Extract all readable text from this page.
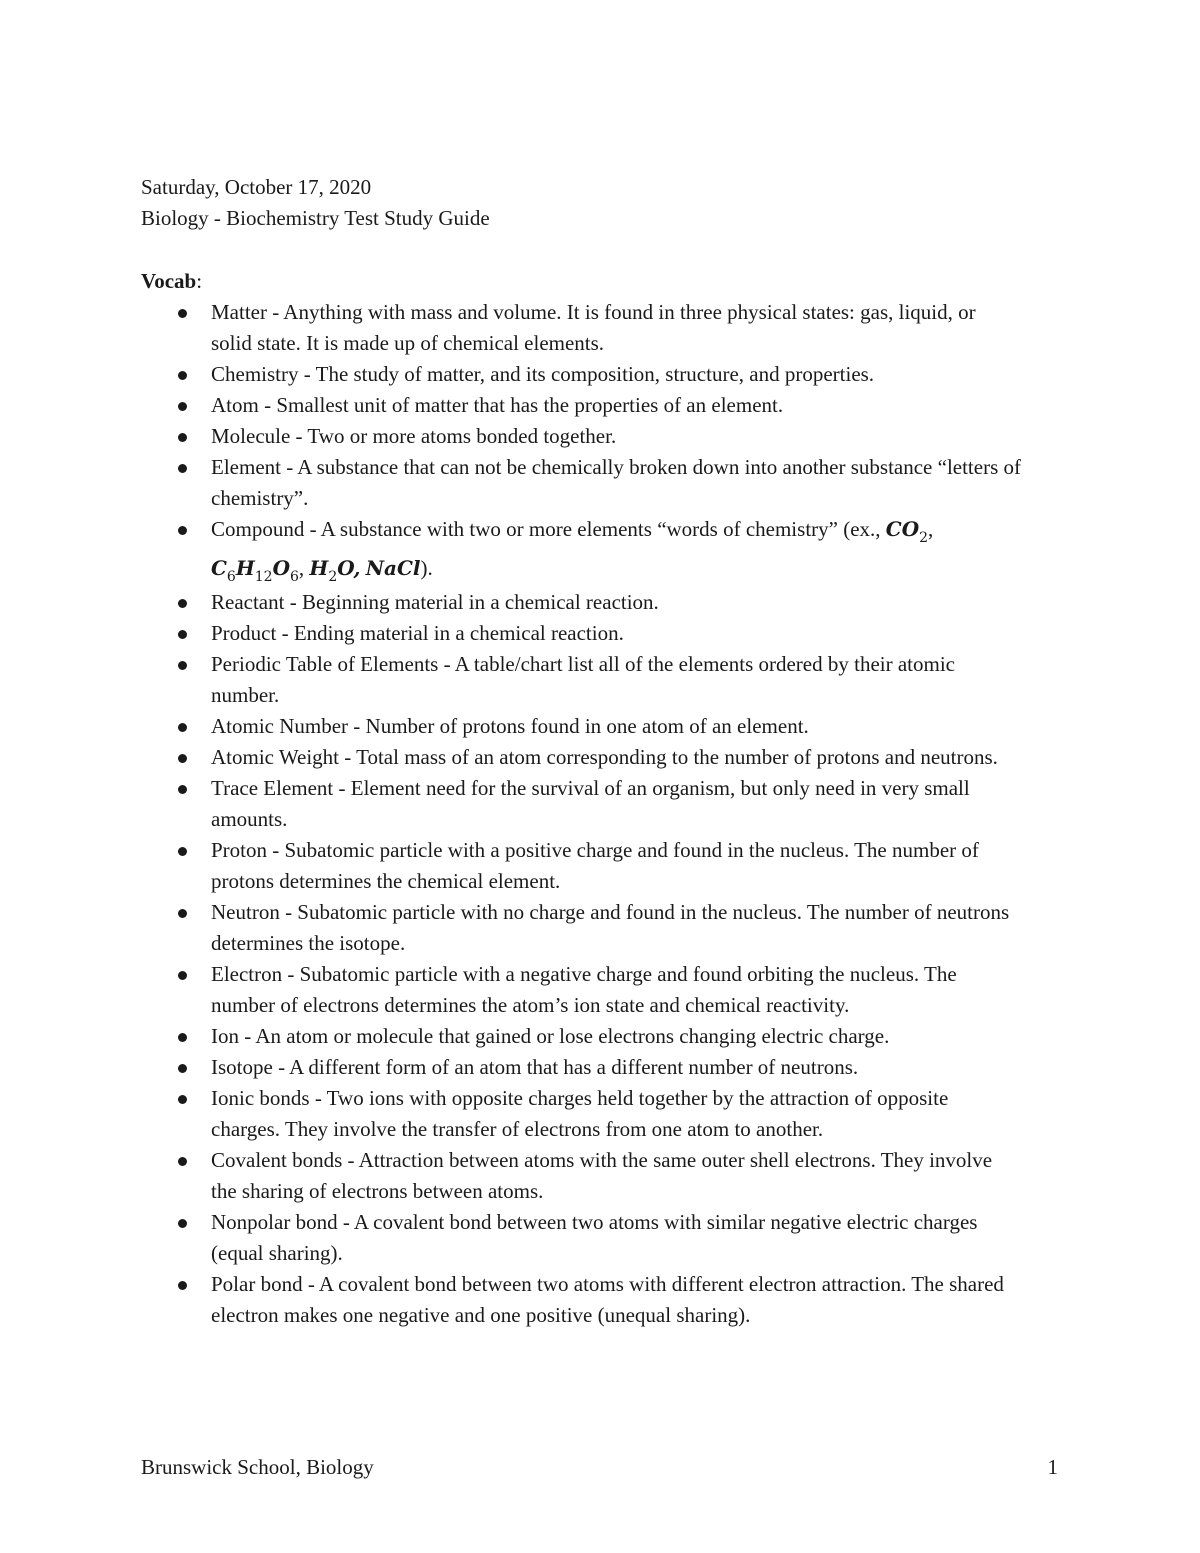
Saturday, October 17, 2020
Biology - Biochemistry Test Study Guide
Vocab:
Matter - Anything with mass and volume. It is found in three physical states: gas, liquid, or solid state. It is made up of chemical elements.
Chemistry - The study of matter, and its composition, structure, and properties.
Atom - Smallest unit of matter that has the properties of an element.
Molecule - Two or more atoms bonded together.
Element - A substance that can not be chemically broken down into another substance “letters of chemistry”.
Compound - A substance with two or more elements “words of chemistry” (ex., $CO_2$,
$C_6H_{12}O_6$, $H_2O$, NaCl).
Reactant - Beginning material in a chemical reaction.
Product - Ending material in a chemical reaction.
Periodic Table of Elements - A table/chart list all of the elements ordered by their atomic number.
Atomic Number - Number of protons found in one atom of an element.
Atomic Weight - Total mass of an atom corresponding to the number of protons and neutrons.
Trace Element - Element need for the survival of an organism, but only need in very small amounts.
Proton - Subatomic particle with a positive charge and found in the nucleus. The number of protons determines the chemical element.
Neutron - Subatomic particle with no charge and found in the nucleus. The number of neutrons determines the isotope.
Electron - Subatomic particle with a negative charge and found orbiting the nucleus. The number of electrons determines the atom’s ion state and chemical reactivity.
Ion - An atom or molecule that gained or lose electrons changing electric charge.
Isotope - A different form of an atom that has a different number of neutrons.
Ionic bonds - Two ions with opposite charges held together by the attraction of opposite charges. They involve the transfer of electrons from one atom to another.
Covalent bonds - Attraction between atoms with the same outer shell electrons. They involve the sharing of electrons between atoms.
Nonpolar bond - A covalent bond between two atoms with similar negative electric charges (equal sharing).
Polar bond - A covalent bond between two atoms with different electron attraction. The shared electron makes one negative and one positive (unequal sharing).
Brunswick School, Biology	1
